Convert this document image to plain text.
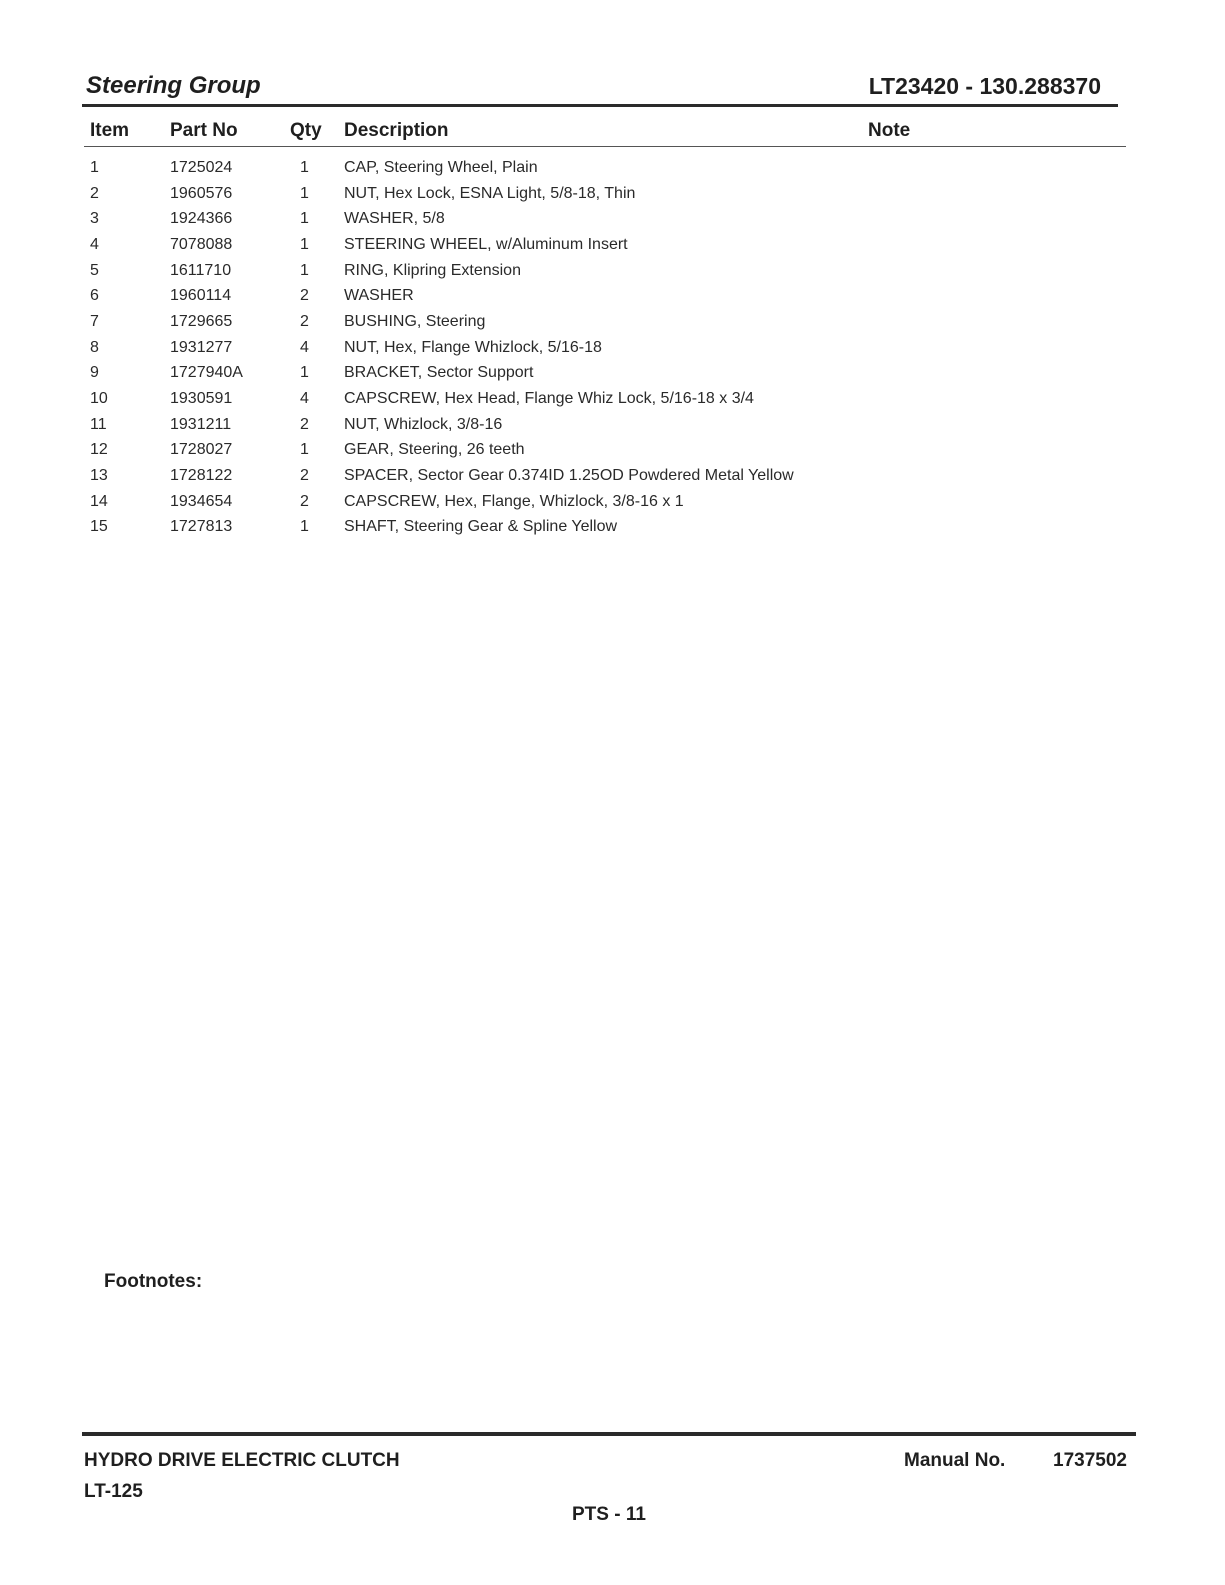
Steering Group	LT23420 - 130.288370
Item	Part No	Qty	Description	Note
1	1725024	1	CAP, Steering Wheel, Plain	
2	1960576	1	NUT, Hex Lock, ESNA Light, 5/8-18, Thin	
3	1924366	1	WASHER, 5/8	
4	7078088	1	STEERING WHEEL, w/Aluminum Insert	
5	1611710	1	RING, Klipring Extension	
6	1960114	2	WASHER	
7	1729665	2	BUSHING, Steering	
8	1931277	4	NUT, Hex, Flange Whizlock, 5/16-18	
9	1727940A	1	BRACKET, Sector Support	
10	1930591	4	CAPSCREW, Hex Head, Flange Whiz Lock, 5/16-18 x 3/4	
11	1931211	2	NUT, Whizlock, 3/8-16	
12	1728027	1	GEAR, Steering, 26 teeth	
13	1728122	2	SPACER, Sector Gear 0.374ID 1.25OD Powdered Metal Yellow	
14	1934654	2	CAPSCREW, Hex, Flange, Whizlock, 3/8-16 x 1	
15	1727813	1	SHAFT, Steering Gear & Spline Yellow	
Footnotes:
HYDRO DRIVE ELECTRIC CLUTCH
LT-125
Manual No.	1737502
PTS - 11
